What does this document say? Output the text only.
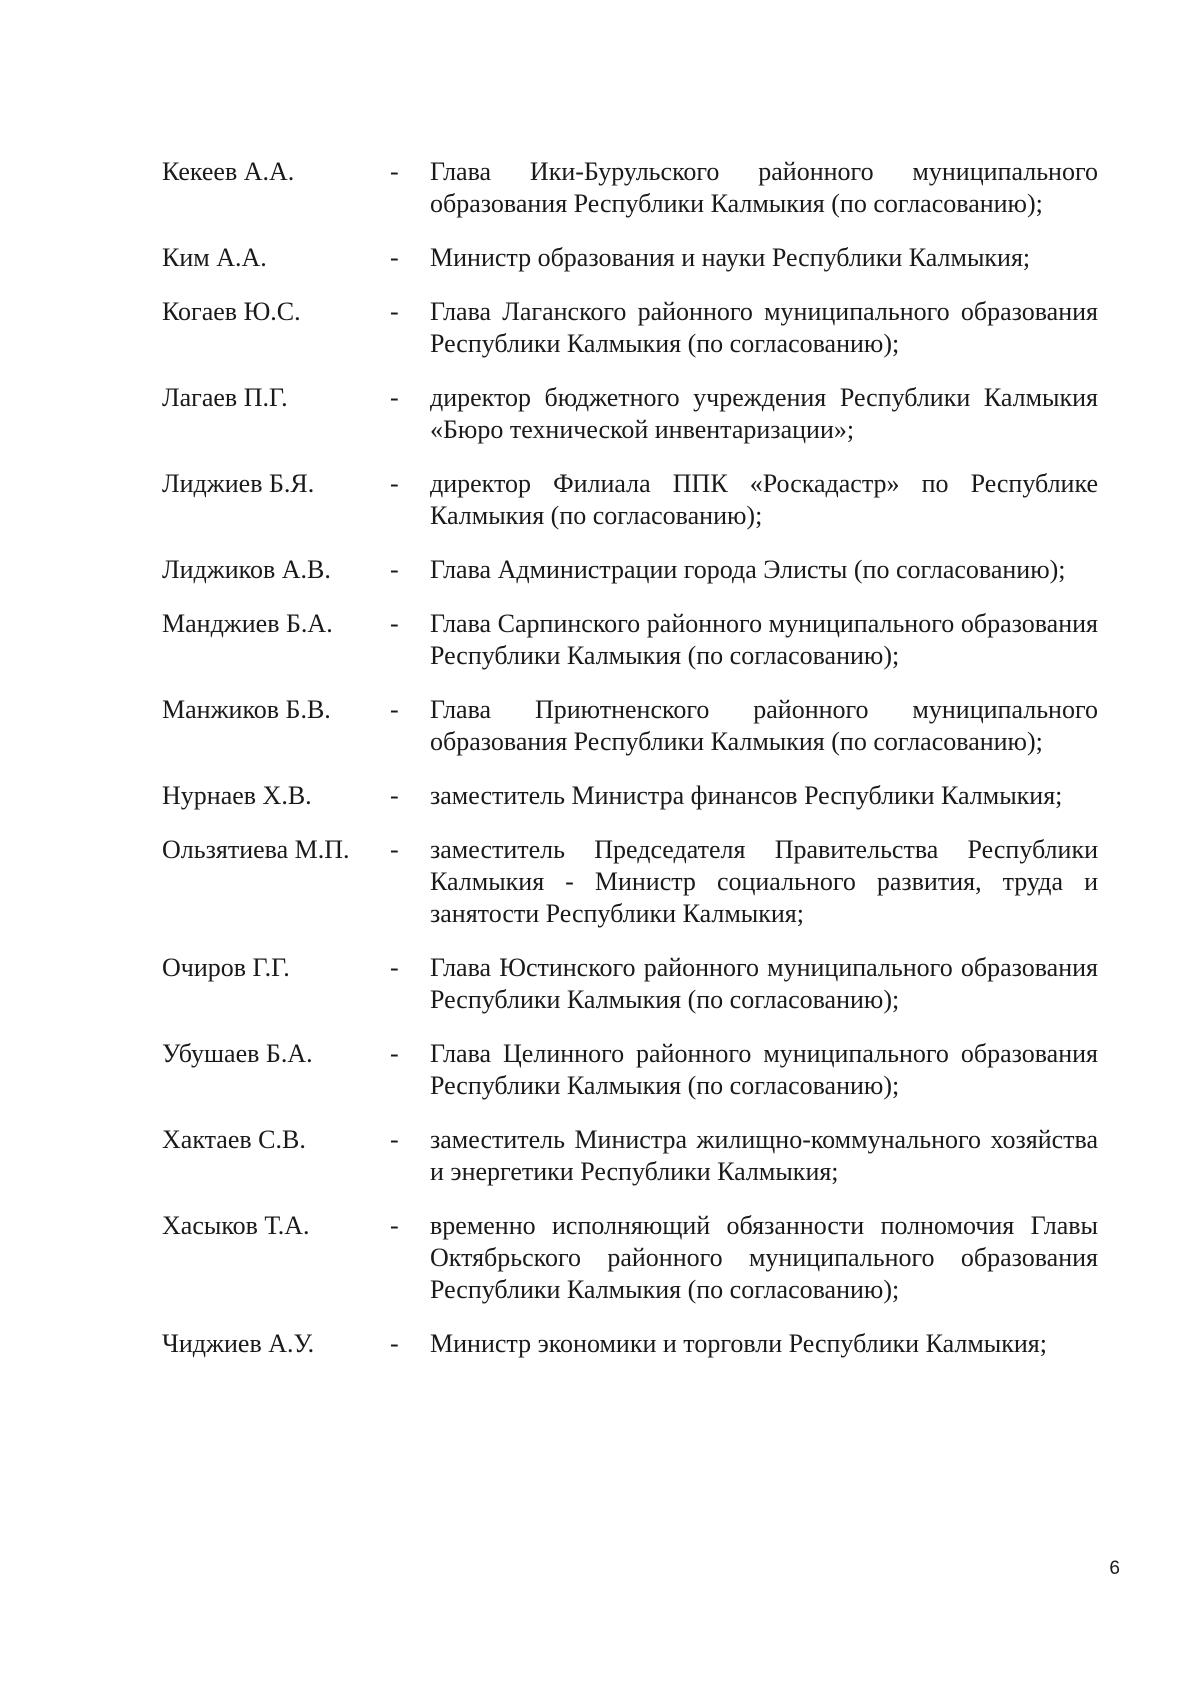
Кекеев А.А.	-	Глава Ики-Бурульского районного муниципального образования Республики Калмыкия (по согласованию);
Ким А.А.	-	Министр образования и науки Республики Калмыкия;
Когаев Ю.С.	-	Глава Лаганского районного муниципального образования Республики Калмыкия (по согласованию);
Лагаев П.Г.	-	директор бюджетного учреждения Республики Калмыкия «Бюро технической инвентаризации»;
Лиджиев Б.Я.	-	директор Филиала ППК «Роскадастр» по Республике Калмыкия (по согласованию);
Лиджиков А.В.	-	Глава Администрации города Элисты (по согласованию);
Манджиев Б.А.	-	Глава Сарпинского районного муниципального образования Республики Калмыкия (по согласованию);
Манжиков Б.В.	-	Глава Приютненского районного муниципального образования Республики Калмыкия (по согласованию);
Нурнаев Х.В.	-	заместитель Министра финансов Республики Калмыкия;
Ользятиева М.П.	-	заместитель Председателя Правительства Республики Калмыкия - Министр социального развития, труда и занятости Республики Калмыкия;
Очиров Г.Г.	-	Глава Юстинского районного муниципального образования Республики Калмыкия (по согласованию);
Убушаев Б.А.	-	Глава Целинного районного муниципального образования Республики Калмыкия (по согласованию);
Хактаев С.В.	-	заместитель Министра жилищно-коммунального хозяйства и энергетики Республики Калмыкия;
Хасыков Т.А.	-	временно исполняющий обязанности полномочия Главы Октябрьского районного муниципального образования Республики Калмыкия (по согласованию);
Чиджиев А.У.	-	Министр экономики и торговли Республики Калмыкия;
6
